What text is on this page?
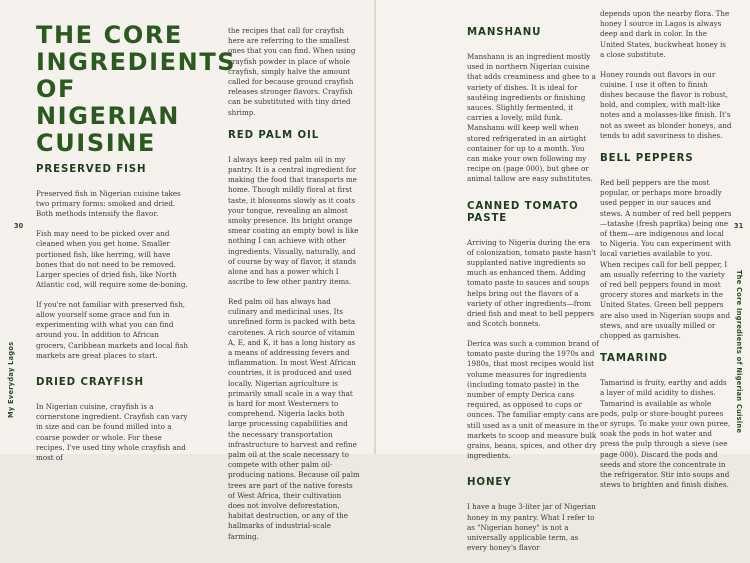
THE CORE INGREDIENTS OF NIGERIAN CUISINE
30
My Everyday Lagos
PRESERVED FISH

Preserved fish in Nigerian cuisine takes two primary forms: smoked and dried. Both methods intensify the flavor.

Fish may need to be picked over and cleaned when you get home. Smaller portioned fish, like herring, will have bones that do not need to be removed. Larger species of dried fish, like North Atlantic cod, will require some de-boning.

If you're not familiar with preserved fish, allow yourself some grace and fun in experimenting with what you can find around you. In addition to African grocers, Caribbean markets and local fish markets are great places to start.

DRIED CRAYFISH

In Nigerian cuisine, crayfish is a cornerstone ingredient. Crayfish can vary in size and can be found milled into a coarse powder or whole. For these recipes, I've used tiny whole crayfish and most of

the recipes that call for crayfish here are referring to the smallest ones that you can find. When using crayfish powder in place of whole crayfish, simply halve the amount called for because ground crayfish releases stronger flavors. Crayfish can be substituted with tiny dried shrimp.

RED PALM OIL

I always keep red palm oil in my pantry. It is a central ingredient for making the food that transports me home. Though mildly floral at first taste, it blossoms slowly as it coats your tongue, revealing an almost smoky presence. Its bright orange smear coating an empty bowl is like nothing I can achieve with other ingredients. Visually, naturally, and of course by way of flavor, it stands alone and has a power which I ascribe to few other pantry items.

Red palm oil has always had culinary and medicinal uses. Its unrefined form is packed with beta carotenes. A rich source of vitamin A, E, and K, it has a long history as a means of addressing fevers and inflammation. In most West African countries, it is produced and used locally. Nigerian agriculture is primarily small scale in a way that is hard for most Westerners to comprehend. Nigeria lacks both large processing capabilities and the necessary transportation infrastructure to harvest and refine palm oil at the scale necessary to compete with other palm oil-producing nations. Because oil palm trees are part of the native forests of West Africa, their cultivation does not involve deforestation, habitat destruction, or any of the hallmarks of industrial-scale farming.

31
The Core Ingredients of Nigerian Cuisine
MANSHANU

Manshanu is an ingredient mostly used in northern Nigerian cuisine that adds creaminess and ghee to a variety of dishes. It is ideal for sautéing ingredients or finishing sauces. Slightly fermented, it carries a lovely, mild funk. Manshanu will keep well when stored refrigerated in an airtight container for up to a month. You can make your own following my recipe on (page 000), but ghee or animal tallow are easy substitutes.

CANNED TOMATO PASTE

Arriving to Nigeria during the era of colonization, tomato paste hasn't supplanted native ingredients so much as enhanced them. Adding tomato paste to sauces and soups helps bring out the flavors of a variety of other ingredients—from dried fish and meat to bell peppers and Scotch bonnets.

Derica was such a common brand of tomato paste during the 1970s and 1980s, that most recipes would list volume measures for ingredients (including tomato paste) in the number of empty Derica cans required, as opposed to cups or ounces. The familiar empty cans are still used as a unit of measure in the markets to scoop and measure bulk grains, beans, spices, and other dry ingredients.

HONEY

I have a huge 3-liter jar of Nigerian honey in my pantry. What I refer to as "Nigerian honey" is not a universally applicable term, as every honey's flavor

depends upon the nearby flora. The honey I source in Lagos is always deep and dark in color. In the United States, buckwheat honey is a close substitute.

Honey rounds out flavors in our cuisine. I use it often to finish dishes because the flavor is robust, bold, and complex, with malt-like notes and a molasses-like finish. It's not as sweet as blonder honeys, and tends to add savoriness to dishes.

BELL PEPPERS

Red bell peppers are the most popular, or perhaps more broadly used pepper in our sauces and stews. A number of red bell peppers—tatashe (fresh paprika) being one of them—are indigenous and local to Nigeria. You can experiment with local varieties available to you. When recipes call for bell pepper, I am usually referring to the variety of red bell peppers found in most grocery stores and markets in the United States. Green bell peppers are also used in Nigerian soups and stews, and are usually milled or chopped as garnishes.

TAMARIND

Tamarind is fruity, earthy and adds a layer of mild acidity to dishes. Tamarind is available as whole pods, pulp or store-bought purees or syrups. To make your own puree, soak the pods in hot water and press the pulp through a sieve (see page 000). Discard the pods and seeds and store the concentrate in the refrigerator. Stir into soups and stews to brighten and finish dishes.
